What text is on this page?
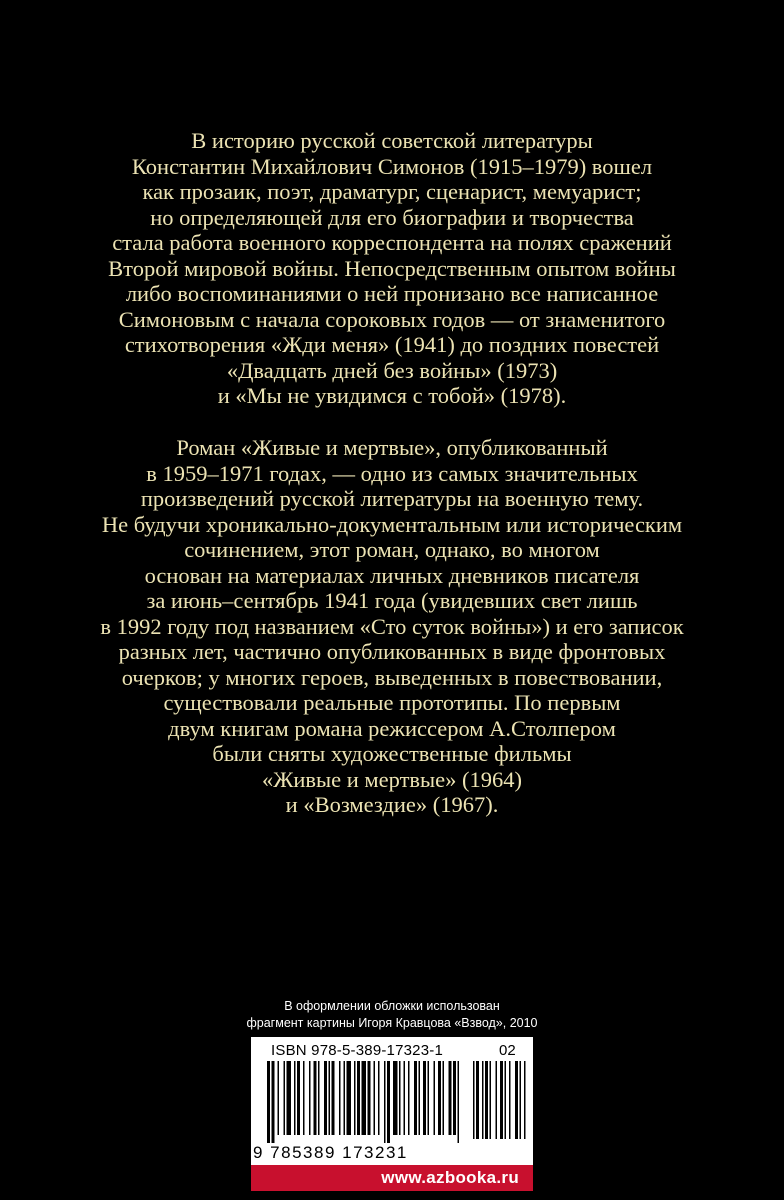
В историю русской советской литературы
Константин Михайлович Симонов (1915–1979) вошел
как прозаик, поэт, драматург, сценарист, мемуарист;
но определяющей для его биографии и творчества
стала работа военного корреспондента на полях сражений
Второй мировой войны. Непосредственным опытом войны
либо воспоминаниями о ней пронизано все написанное
Симоновым с начала сороковых годов — от знаменитого
стихотворения «Жди меня» (1941) до поздних повестей
«Двадцать дней без войны» (1973)
и «Мы не увидимся с тобой» (1978).
Роман «Живые и мертвые», опубликованный
в 1959–1971 годах, — одно из самых значительных
произведений русской литературы на военную тему.
Не будучи хроникально-документальным или историческим
сочинением, этот роман, однако, во многом
основан на материалах личных дневников писателя
за июнь–сентябрь 1941 года (увидевших свет лишь
в 1992 году под названием «Сто суток войны») и его записок
разных лет, частично опубликованных в виде фронтовых
очерков; у многих героев, выведенных в повествовании,
существовали реальные прототипы. По первым
двум книгам романа режиссером А.Столпером
были сняты художественные фильмы
«Живые и мертвые» (1964)
и «Возмездие» (1967).
В оформлении обложки использован
фрагмент картины Игоря Кравцова «Взвод», 2010
ISBN 978-5-389-17323-1	02
9 785389 173231
www.azbooka.ru
